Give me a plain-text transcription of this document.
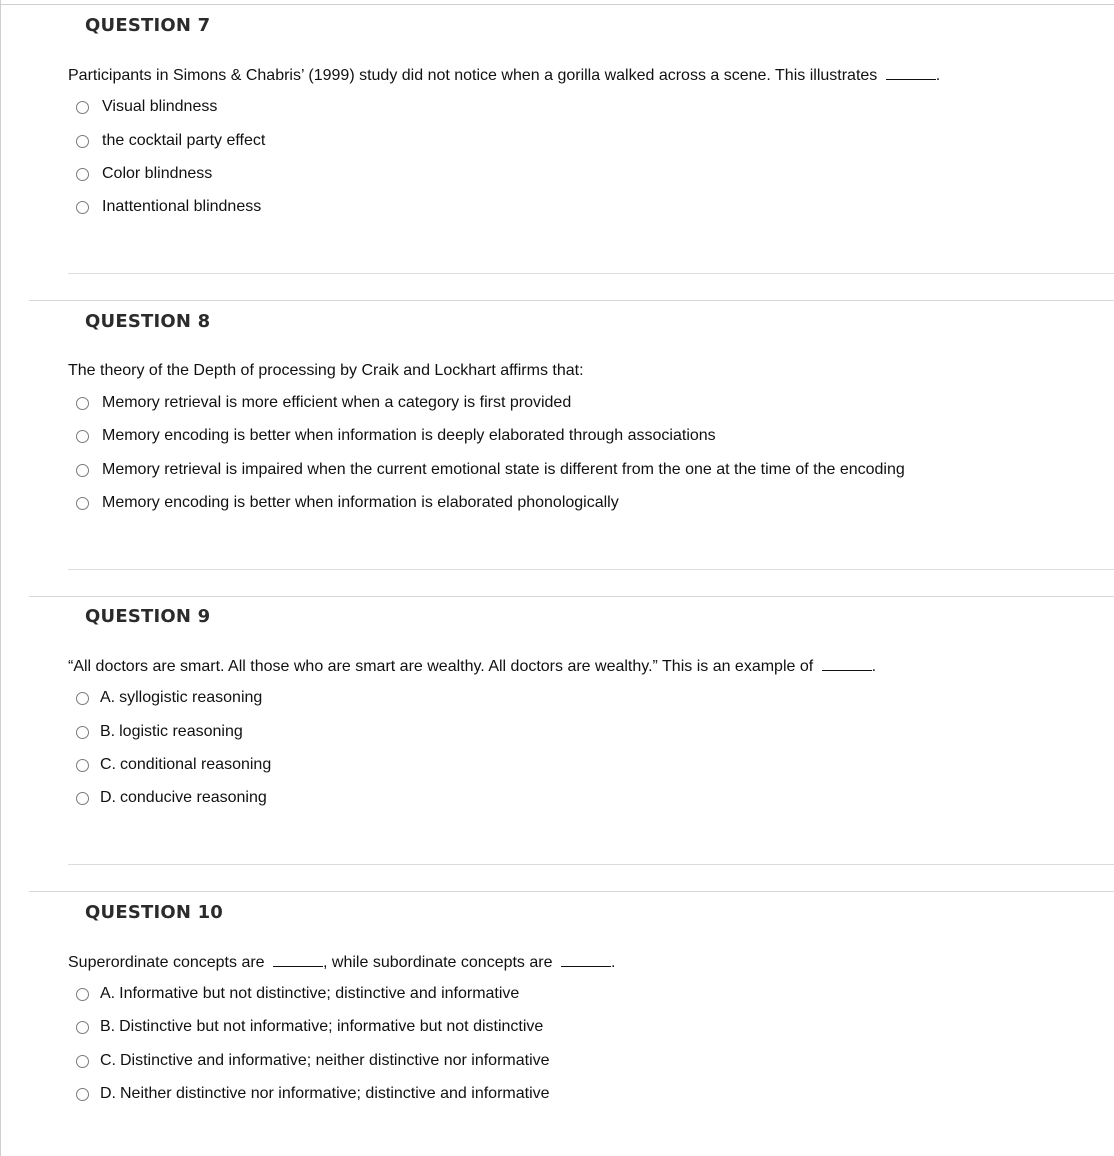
QUESTION 7
Participants in Simons & Chabris’ (1999) study did not notice when a gorilla walked across a scene. This illustrates	.
Visual blindness
the cocktail party effect
Color blindness
Inattentional blindness
QUESTION 8
The theory of the Depth of processing by Craik and Lockhart affirms that:
Memory retrieval is more efficient when a category is first provided
Memory encoding is better when information is deeply elaborated through associations
Memory retrieval is impaired when the current emotional state is different from the one at the time of the encoding
Memory encoding is better when information is elaborated phonologically
QUESTION 9
“All doctors are smart. All those who are smart are wealthy. All doctors are wealthy.” This is an example of	.
A. syllogistic reasoning
B. logistic reasoning
C. conditional reasoning
D. conducive reasoning
QUESTION 10
Superordinate concepts are	, while subordinate concepts are	.
A. Informative but not distinctive; distinctive and informative
B. Distinctive but not informative; informative but not distinctive
C. Distinctive and informative; neither distinctive nor informative
D. Neither distinctive nor informative; distinctive and informative
